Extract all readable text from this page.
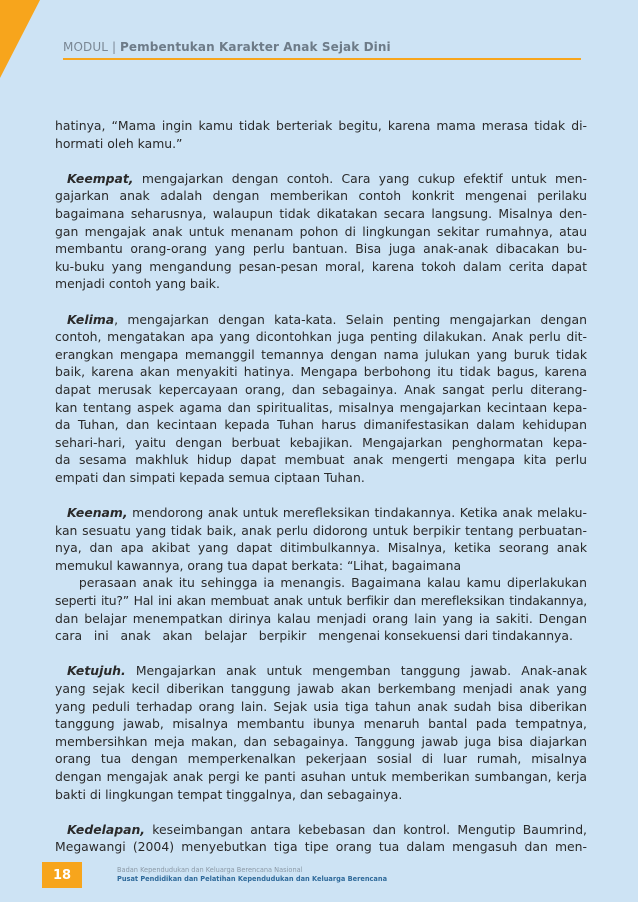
MODUL | Pembentukan Karakter Anak Sejak Dini

hatinya, “Mama ingin kamu tidak berteriak begitu, karena mama merasa tidak di-
hormati oleh kamu.”

Keempat, mengajarkan dengan contoh. Cara yang cukup efektif untuk men-
gajarkan anak adalah dengan memberikan contoh konkrit mengenai perilaku
bagaimana seharusnya, walaupun tidak dikatakan secara langsung. Misalnya den-
gan mengajak anak untuk menanam pohon di lingkungan sekitar rumahnya, atau
membantu orang-orang yang perlu bantuan. Bisa juga anak-anak dibacakan bu-
ku-buku yang mengandung pesan-pesan moral, karena tokoh dalam cerita dapat
menjadi contoh yang baik.

Kelima, mengajarkan dengan kata-kata. Selain penting mengajarkan dengan
contoh, mengatakan apa yang dicontohkan juga penting dilakukan. Anak perlu dit-
erangkan mengapa memanggil temannya dengan nama julukan yang buruk tidak
baik, karena akan menyakiti hatinya. Mengapa berbohong itu tidak bagus, karena
dapat merusak kepercayaan orang, dan sebagainya. Anak sangat perlu diterang-
kan tentang aspek agama dan spiritualitas, misalnya mengajarkan kecintaan kepa-
da Tuhan, dan kecintaan kepada Tuhan harus dimanifestasikan dalam kehidupan
sehari-hari, yaitu dengan berbuat kebajikan. Mengajarkan penghormatan kepa-
da sesama makhluk hidup dapat membuat anak mengerti mengapa kita perlu
empati dan simpati kepada semua ciptaan Tuhan.

Keenam, mendorong anak untuk merefleksikan tindakannya. Ketika anak melaku-
kan sesuatu yang tidak baik, anak perlu didorong untuk berpikir tentang perbuatan-
nya, dan apa akibat yang dapat ditimbulkannya. Misalnya, ketika seorang anak
memukul kawannya, orang tua dapat berkata: “Lihat, bagaimana
perasaan anak itu sehingga ia menangis. Bagaimana kalau kamu diperlakukan
seperti itu?” Hal ini akan membuat anak untuk berfikir dan merefleksikan tindakannya,
dan belajar menempatkan dirinya kalau menjadi orang lain yang ia sakiti. Dengan
cara   ini   anak   akan   belajar   berpikir   mengenai konsekuensi dari tindakannya.

Ketujuh. Mengajarkan anak untuk mengemban tanggung jawab. Anak-anak
yang sejak kecil diberikan tanggung jawab akan berkembang menjadi anak yang
yang peduli terhadap orang lain. Sejak usia tiga tahun anak sudah bisa diberikan
tanggung jawab, misalnya membantu ibunya menaruh bantal pada tempatnya,
membersihkan meja makan, dan sebagainya. Tanggung jawab juga bisa diajarkan
orang tua dengan memperkenalkan pekerjaan sosial di luar rumah, misalnya
dengan mengajak anak pergi ke panti asuhan untuk memberikan sumbangan, kerja
bakti di lingkungan tempat tinggalnya, dan sebagainya.

Kedelapan, keseimbangan antara kebebasan dan kontrol. Mengutip Baumrind,
Megawangi (2004) menyebutkan tiga tipe orang tua dalam mengasuh dan men-

18	Badan Kependudukan dan Keluarga Berencana Nasional
Pusat Pendidikan dan Pelatihan Kependudukan dan Keluarga Berencana
